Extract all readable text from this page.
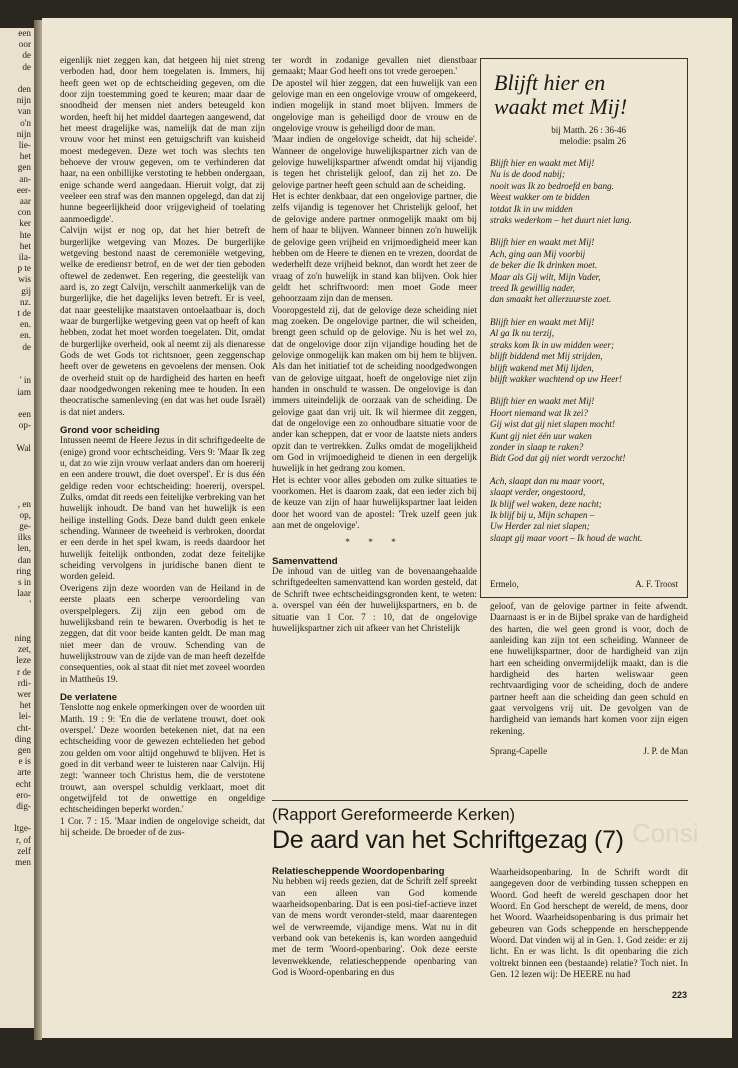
een
oor
de
de

den
nijn
van
o'n
nijn
lie-
het
gen
an-
eer-
aar
con
ker
hte
het
ila-
p te
wis
gij
nz.
t de
en.
en.
de

' in
iam

een
op-

Wal

, en
op,
ge-
ilks
len,
dan
ring
s in
laar
'

ning
zet,
leze
r de
rdi-
wer
het
lei-
cht-
ding
gen
e is
arte
echt
ero-
dig-

ltge-
r, of
zelf
men

eigenlijk niet zeggen kan, dat hetgeen hij niet streng verboden had, door hem toegelaten is. Immers, hij heeft geen wet op de echtscheiding gegeven, om die door zijn toestemming goed te keuren; maar daar de snoodheid der mensen niet anders beteugeld kon worden, heeft hij het middel daartegen aangewend, dat het meest dragelijke was, namelijk dat de man zijn vrouw voor het minst een getuigschrift van kuisheid moest medegeven. Deze wet toch was slechts ten behoeve der vrouw gegeven, om te verhinderen dat haar, na een onbillijke verstoting te hebben ondergaan, enige schande werd aangedaan. Hieruit volgt, dat zij veeleer een straf was den mannen opgelegd, dan dat zij hunne begeerlijkheid door vrijgevigheid of toelating aanmoedigde'.

Calvijn wijst er nog op, dat het hier betreft de burgerlijke wetgeving van Mozes. De burgerlijke wetgeving bestond naast de ceremoniële wetgeving, welke de erediensт betrof, en de wet der tien geboden oftewel de zedenwet. Een regering, die geestelijk van aard is, zo zegt Calvijn, verschilt aanmerkelijk van de burgerlijke, die het dagelijks leven betreft. Er is veel, dat naar geestelijke maatstaven ontoelaatbaar is, doch waar de burgerlijke wetgeving geen vat op heeft of kan hebben, zodat het moet worden toegelaten. Dit, omdat de burgerlijke overheid, ook al neemt zij als dienaresse Gods de wet Gods tot richtsnoer, geen zeggenschap heeft over de gewetens en gevoelens der mensen. Ook de overheid stuit op de hardigheid des harten en heeft daar noodgedwongen rekening mee te houden. In een theocratische samenleving (en dat was het oude Israël) is dat niet anders.

Grond voor scheiding

Intussen neemt de Heere Jezus in dit schriftgedeelte de (enige) grond voor echtscheiding. Vers 9: 'Maar Ik zeg u, dat zo wie zijn vrouw verlaat anders dan om hoererij en een andere trouwt, die doet overspel'. Er is dus één geldige reden voor echtscheiding: hoererij, overspel. Zulks, omdat dit reeds een feitelijke verbreking van het huwelijk inhoudt. De band van het huwelijk is een heilige instelling Gods. Deze band duldt geen enkele schending. Wanneer de tweeheid is verbroken, doordat er een derde in het spel kwam, is reeds daardoor het huwelijk feitelijk ontbonden, zodat deze feitelijke scheiding vervolgens in juridische banen dient te worden geleid.

Overigens zijn deze woorden van de Heiland in de eerste plaats een scherpe veroordeling van overspelplegers. Zij zijn een gebod om de huwelijksband rein te bewaren. Overbodig is het te zeggen, dat dit voor beide kanten geldt. De man mag niet meer dan de vrouw. Schending van de huwelijkstrouw van de zijde van de man heeft dezelfde consequenties, ook al staat dit niet met zoveel woorden in Mattheüs 19.

De verlatene

Tenslotte nog enkele opmerkingen over de woorden uit Matth. 19 : 9: 'En die de verlatene trouwt, doet ook overspel.' Deze woorden betekenen niet, dat na een echtscheiding voor de gewezen echtelieden het gebod zou gelden om voor altijd ongehuwd te blijven. Het is goed in dit verband weer te luisteren naar Calvijn. Hij zegt: 'wanneer toch Christus hem, die de verstotene trouwt, aan overspel schuldig verklaart, moet dit ongetwijfeld tot de onwettige en ongeldige echtscheidingen beperkt worden.'

1 Cor. 7 : 15. 'Maar indien de ongelovige scheidt, dat hij scheide. De broeder of de zus-

ter wordt in zodanige gevallen niet dienstbaar gemaakt; Maar God heeft ons tot vrede geroepen.'

De apostel wil hier zeggen, dat een huwelijk van een gelovige man en een ongelovige vrouw of omgekeerd, indien mogelijk in stand moet blijven. Immers de ongelovige man is geheiligd door de vrouw en de ongelovige vrouw is geheiligd door de man.

'Maar indien de ongelovige scheidt, dat hij scheide'. Wanneer de ongelovige huwelijkspartner zich van de gelovige huwelijkspartner afwendt omdat hij vijandig is tegen het christelijk geloof, dan zij het zo. De gelovige partner heeft geen schuld aan de scheiding.

Het is echter denkbaar, dat een ongelovige partner, die zelfs vijandig is tegenover het Christelijk geloof, het de gelovige andere partner onmogelijk maakt om bij hem of haar te blijven. Wanneer binnen zo'n huwelijk de gelovige geen vrijheid en vrijmoedigheid meer kan hebben om de Heere te dienen en te vrezen, doordat de wederhelft deze vrijheid beknot, dan wordt het zeer de vraag of zo'n huwelijk in stand kan blijven. Ook hier geldt het schriftwoord: men moet Gode meer gehoorzaam zijn dan de mensen.

Vooropgesteld zij, dat de gelovige deze scheiding niet mag zoeken. De ongelovige partner, die wil scheiden, brengt geen schuld op de gelovige. Nu is het wel zo, dat de ongelovige door zijn vijandige houding het de gelovige onmogelijk kan maken om bij hem te blijven. Als dan het initiatief tot de scheiding noodgedwongen van de gelovige uitgaat, hoeft de ongelovige niet zijn handen in onschuld te wassen. De ongelovige is dan immers uiteindelijk de oorzaak van de scheiding. De gelovige gaat dan vrij uit. Ik wil hiermee dit zeggen, dat de ongelovige een zo onhoudbare situatie voor de ander kan scheppen, dat er voor de laatste niets anders opzit dan te vertrekken. Zulks omdat de mogelijkheid om God in vrijmoedigheid te dienen in een dergelijk huwelijk in het gedrang zou komen.

Het is echter voor alles geboden om zulke situaties te voorkomen. Het is daarom zaak, dat een ieder zich bij de keuze van zijn of haar huwelijkspartner laat leiden door het woord van de apostel: 'Trek uzelf geen juk aan met de ongelovige'.

* * *
Samenvattend

De inhoud van de uitleg van de bovenaangehaalde schriftgedeelten samenvattend kan worden gesteld, dat de Schrift twee echtscheidingsgronden kent, te weten: a. overspel van één der huwelijkspartners, en b. de situatie van 1 Cor. 7 : 10, dat de ongelovige huwelijkspartner zich uit afkeer van het Christelijk

Blijft hier en
waakt met Mij!
bij Matth. 26 : 36-46
melodie: psalm 26
Blijft hier en waakt met Mij!
Nu is de dood nabij;
nooit was Ik zo bedroefd en bang.
Weest wakker om te bidden
totdat Ik in uw midden
straks wederkom – het duurt niet lang.
Blijft hier en waakt met Mij!
Ach, ging aan Mij voorbij
de beker die Ik drinken moet.
Maar als Gij wilt, Mijn Vader,
treed Ik gewillig nader,
dan smaakt het allerzuurste zoet.
Blijft hier en waakt met Mij!
Al ga Ik nu terzij,
straks kom Ik in uw midden weer;
blijft biddend met Mij strijden,
blijft wakend met Mij lijden,
blijft wakker wachtend op uw Heer!
Blijft hier en waakt met Mij!
Hoort niemand wat Ik zei?
Gij wist dat gij niet slapen mocht!
Kunt gij niet één uur waken
zonder in slaap te raken?
Bidt God dat gij niet wordt verzocht!
Ach, slaapt dan nu maar voort,
slaapt verder, ongestoord,
Ik blijf wel waken, deze nacht;
Ik blijf bij u, Mijn schapen –
Uw Herder zal niet slapen;
slaapt gij maar voort – Ik houd de wacht.
Ermelo,	A. F. Troost

geloof, van de gelovige partner in feite afwendt. Daarnaast is er in de Bijbel sprake van de hardigheid des harten, die wel geen grond is voor, doch de aanleiding kan zijn tot een scheiding. Wanneer de ene huwelijkspartner, door de hardigheid van zijn hart een scheiding onvermijdelijk maakt, dan is die hardigheid des harten weliswaar geen rechtvaardiging voor de scheiding, doch de andere partner heeft aan die scheiding dan geen schuld en gaat vervolgens vrij uit. De gevolgen van de hardigheid van iemands hart komen voor zijn eigen rekening.

Sprang-Capelle	J. P. de Man
Consi
(Rapport Gereformeerde Kerken)
De aard van het Schriftgezag (7)
Relatiescheppende Woordopenbaring

Nu hebben wij reeds gezien, dat de Schrift zelf spreekt van een alleen van God komende waarheidsopenbaring. Dat is een posi-tief-actieve inzet van de mens wordt veronder-steld, maar daarentegen wel de verwreemde, vijandige mens. Wat nu in dit verband ook van betekenis is, kan worden aangeduid met de term 'Woord-openbaring'. Ook deze eerste levenwekkende, relatiescheppende openbaring van God is Woord-openbaring en dus

Waarheidsopenbaring. In de Schrift wordt dit aangegeven door de verbinding tussen scheppen en Woord. God heeft de wereld geschapen door het Woord. En God herschept de wereld, de mens, door het Woord. Waarheidsopenbaring is dus primair het gebeuren van Gods scheppende en herscheppende Woord. Dat vinden wij al in Gen. 1. God zeide: er zij licht. En er was licht. Is dit openbaring die zich voltrekt binnen een (bestaande) relatie? Toch niet. In Gen. 12 lezen wij: De HEERE nu had

223
